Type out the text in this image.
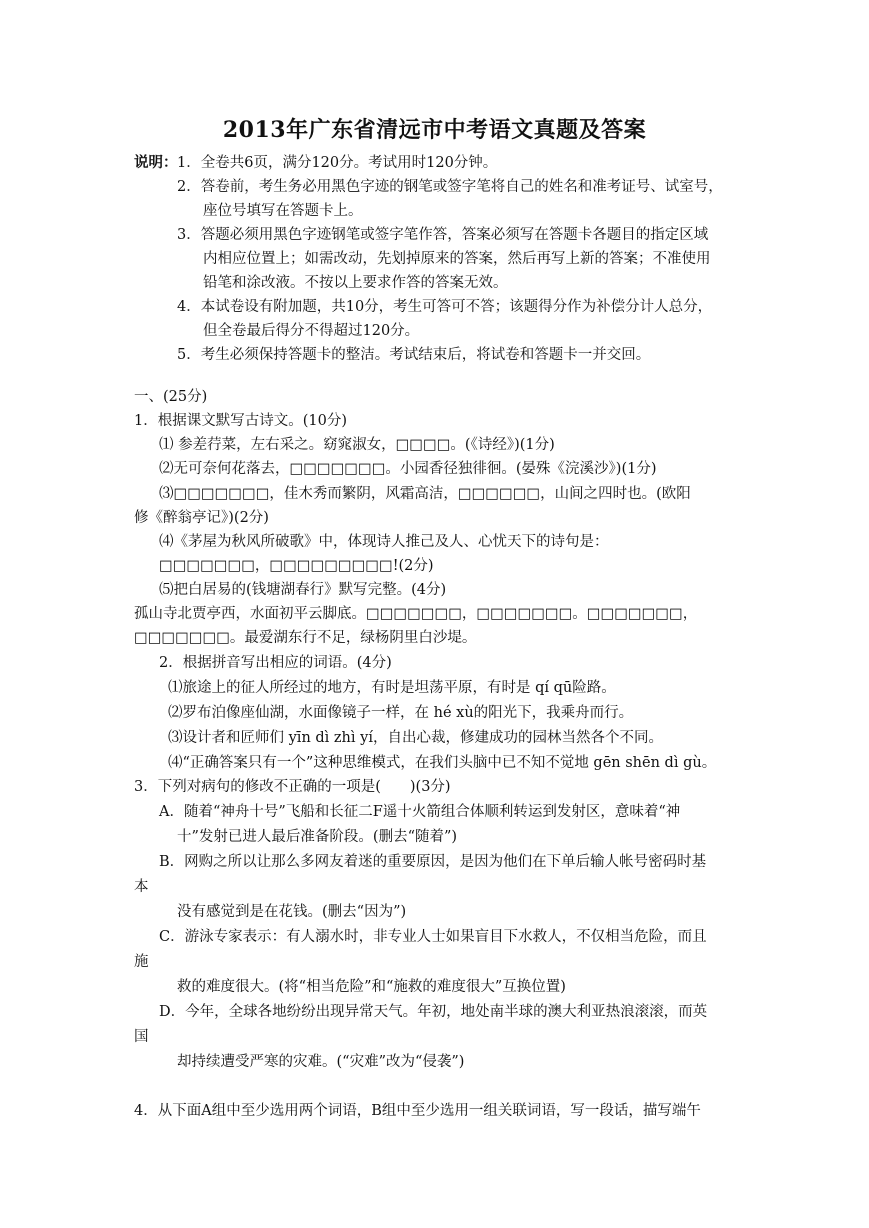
2013年广东省清远市中考语文真题及答案
说明： 1．全卷共6页，满分120分。考试用时120分钟。
2．答卷前，考生务必用黑色字迹的钢笔或签字笔将自己的姓名和准考证号、试室号，
座位号填写在答题卡上。
3．答题必须用黑色字迹钢笔或签字笔作答，答案必须写在答题卡各题目的指定区域
内相应位置上；如需改动，先划掉原来的答案，然后再写上新的答案；不准使用
铅笔和涂改液。不按以上要求作答的答案无效。
4．本试卷设有附加题，共10分，考生可答可不答；该题得分作为补偿分计人总分，
但全卷最后得分不得超过120分。
5．考生必须保持答题卡的整洁。考试结束后，将试卷和答题卡一并交回。
一、(25分)
1．根据课文默写古诗文。(10分)
⑴ 参差荇菜，左右采之。窈窕淑女，□□□□。(《诗经》)(1分)
⑵无可奈何花落去，□□□□□□□。小园香径独徘徊。(晏殊《浣溪沙》)(1分)
⑶□□□□□□□，佳木秀而繁阴，风霜高洁，□□□□□□，山间之四时也。(欧阳
修《醉翁亭记》)(2分)
⑷《茅屋为秋风所破歌》中，体现诗人推己及人、心忧天下的诗句是：
□□□□□□□，□□□□□□□□□!(2分)
⑸把白居易的(钱塘湖春行》默写完整。(4分)
孤山寺北贾亭西，水面初平云脚底。□□□□□□□，□□□□□□□。□□□□□□□，
□□□□□□□。最爱湖东行不足，绿杨阴里白沙堤。
2．根据拼音写出相应的词语。(4分)
⑴旅途上的征人所经过的地方，有时是坦荡平原，有时是 qí qū险路。
⑵罗布泊像座仙湖，水面像镜子一样，在 hé xù的阳光下，我乘舟而行。
⑶设计者和匠师们 yīn dì zhì yí，自出心裁，修建成功的园林当然各个不同。
⑷“正确答案只有一个”这种思维模式，在我们头脑中已不知不觉地 gēn shēn dì gù。
3．下列对病句的修改不正确的一项是(　　)(3分)
A．随着“神舟十号”飞船和长征二F遥十火箭组合体顺利转运到发射区，意味着“神
十”发射已进人最后准备阶段。(删去“随着”)
B．网购之所以让那么多网友着迷的重要原因，是因为他们在下单后输人帐号密码时基
本
没有感觉到是在花钱。(删去“因为”)
C．游泳专家表示：有人溺水时，非专业人士如果盲目下水救人，不仅相当危险，而且
施
救的难度很大。(将“相当危险”和“施救的难度很大”互换位置)
D．今年，全球各地纷纷出现异常天气。年初，地处南半球的澳大利亚热浪滚滚，而英
国
却持续遭受严寒的灾难。(“灾难”改为“侵袭”)
4．从下面A组中至少选用两个词语，B组中至少选用一组关联词语，写一段话，描写端午
